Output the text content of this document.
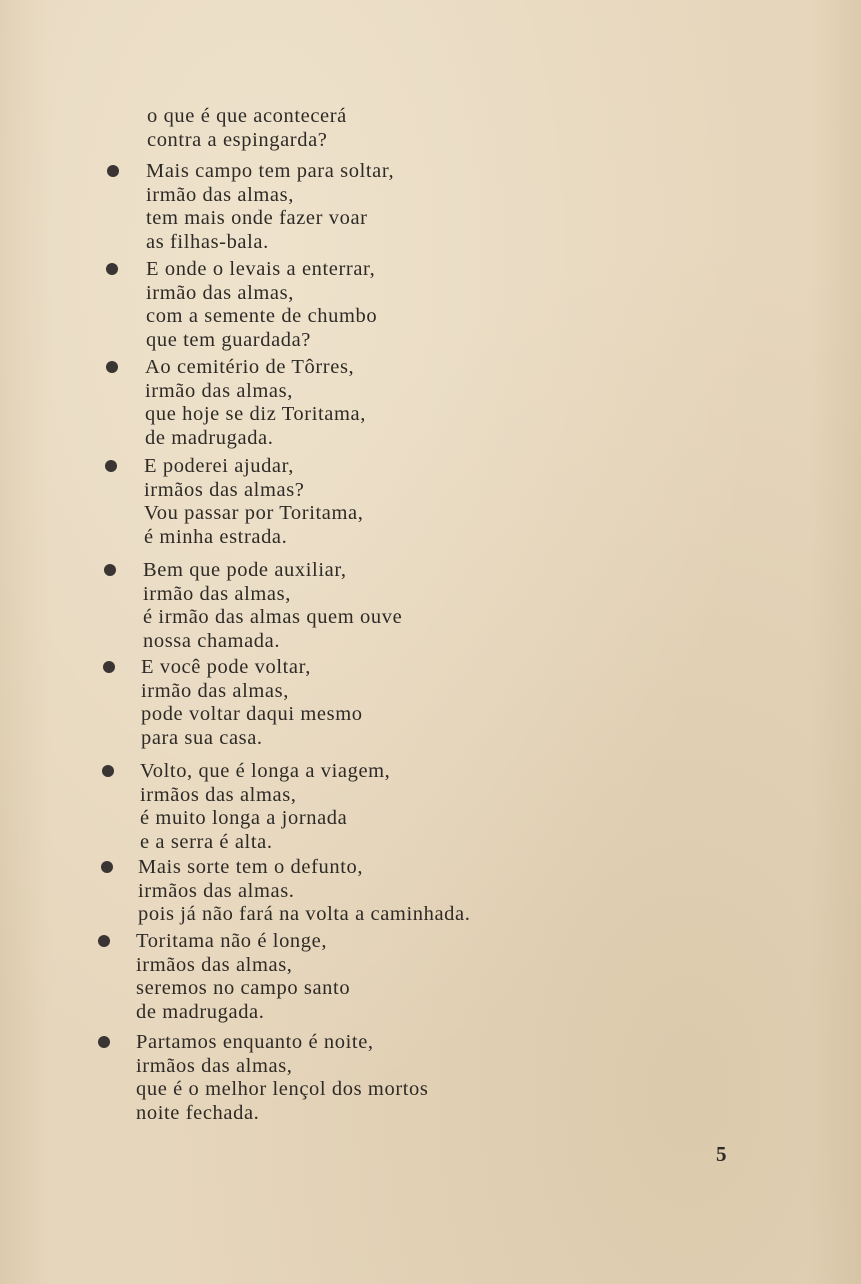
o que é que acontecerá
contra a espingarda?
Mais campo tem para soltar,
irmão das almas,
tem mais onde fazer voar
as filhas-bala.
E onde o levais a enterrar,
irmão das almas,
com a semente de chumbo
que tem guardada?
Ao cemitério de Tôrres,
irmão das almas,
que hoje se diz Toritama,
de madrugada.
E poderei ajudar,
irmãos das almas?
Vou passar por Toritama,
é minha estrada.
Bem que pode auxiliar,
irmão das almas,
é irmão das almas quem ouve
nossa chamada.
E você pode voltar,
irmão das almas,
pode voltar daqui mesmo
para sua casa.
Volto, que é longa a viagem,
irmãos das almas,
é muito longa a jornada
e a serra é alta.
Mais sorte tem o defunto,
irmãos das almas.
pois já não fará na volta a caminhada.
Toritama não é longe,
irmãos das almas,
seremos no campo santo
de madrugada.
Partamos enquanto é noite,
irmãos das almas,
que é o melhor lençol dos mortos
noite fechada.
5
